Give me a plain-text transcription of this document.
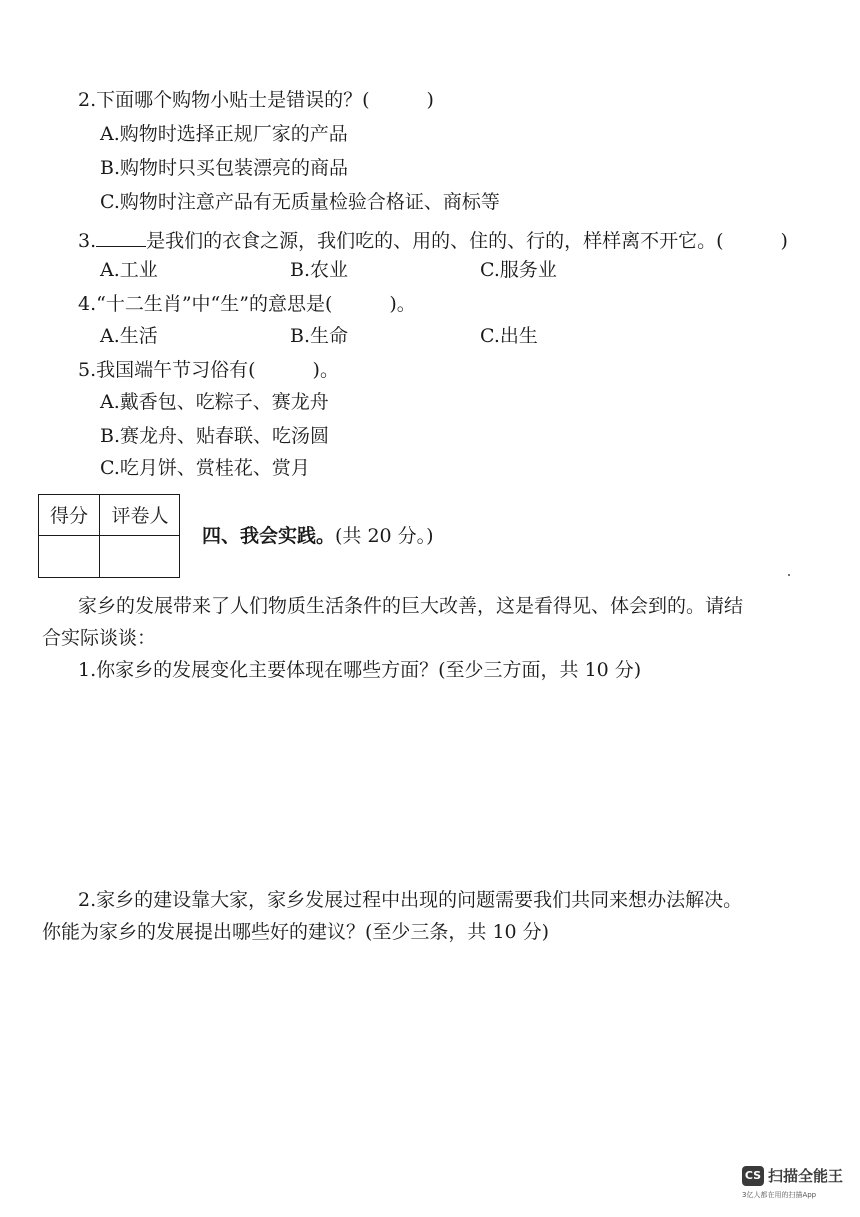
2.下面哪个购物小贴士是错误的？(　　　)
A.购物时选择正规厂家的产品
B.购物时只买包装漂亮的商品
C.购物时注意产品有无质量检验合格证、商标等
3.	是我们的衣食之源，我们吃的、用的、住的、行的，样样离不开它。(　　　)
A.工业	B.农业	C.服务业
4.“十二生肖”中“生”的意思是(　　　)。
A.生活	B.生命	C.出生
5.我国端午节习俗有(　　　)。
A.戴香包、吃粽子、赛龙舟
B.赛龙舟、贴春联、吃汤圆
C.吃月饼、赏桂花、赏月
得分	评卷人
四、我会实践。(共 20 分。)
家乡的发展带来了人们物质生活条件的巨大改善，这是看得见、体会到的。请结
合实际谈谈：
1.你家乡的发展变化主要体现在哪些方面？(至少三方面，共 10 分)
2.家乡的建设靠大家，家乡发展过程中出现的问题需要我们共同来想办法解决。
你能为家乡的发展提出哪些好的建议？(至少三条，共 10 分)
CS 扫描全能王
3亿人都在用的扫描App
